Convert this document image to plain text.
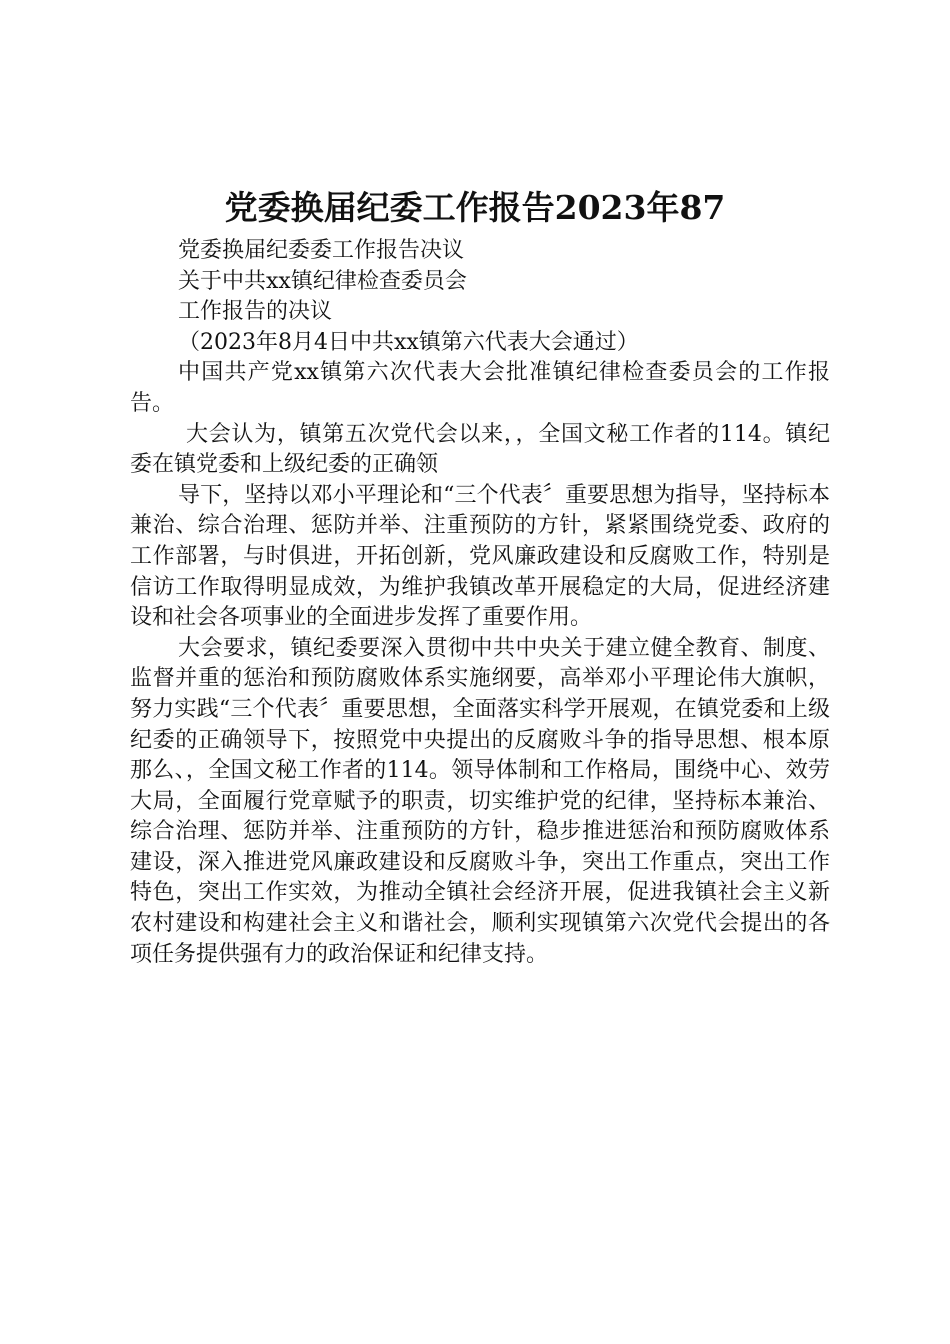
党委换届纪委工作报告2023年87

党委换届纪委委工作报告决议

关于中共xx镇纪律检查委员会

工作报告的决议

（2023年8月4日中共xx镇第六代表大会通过）

中国共产党xx镇第六次代表大会批准镇纪律检查委员会的工作报告。

大会认为，镇第五次党代会以来，，全国文秘工作者的114。镇纪委在镇党委和上级纪委的正确领

导下，坚持以邓小平理论和“三个代表〞重要思想为指导，坚持标本兼治、综合治理、惩防并举、注重预防的方针，紧紧围绕党委、政府的工作部署，与时俱进，开拓创新，党风廉政建设和反腐败工作，特别是信访工作取得明显成效，为维护我镇改革开展稳定的大局，促进经济建设和社会各项事业的全面进步发挥了重要作用。

大会要求，镇纪委要深入贯彻中共中央关于建立健全教育、制度、监督并重的惩治和预防腐败体系实施纲要，高举邓小平理论伟大旗帜，努力实践“三个代表〞重要思想，全面落实科学开展观，在镇党委和上级纪委的正确领导下，按照党中央提出的反腐败斗争的指导思想、根本原那么、，全国文秘工作者的114。领导体制和工作格局，围绕中心、效劳大局，全面履行党章赋予的职责，切实维护党的纪律，坚持标本兼治、综合治理、惩防并举、注重预防的方针，稳步推进惩治和预防腐败体系建设，深入推进党风廉政建设和反腐败斗争，突出工作重点，突出工作特色，突出工作实效，为推动全镇社会经济开展，促进我镇社会主义新农村建设和构建社会主义和谐社会，顺利实现镇第六次党代会提出的各项任务提供强有力的政治保证和纪律支持。
